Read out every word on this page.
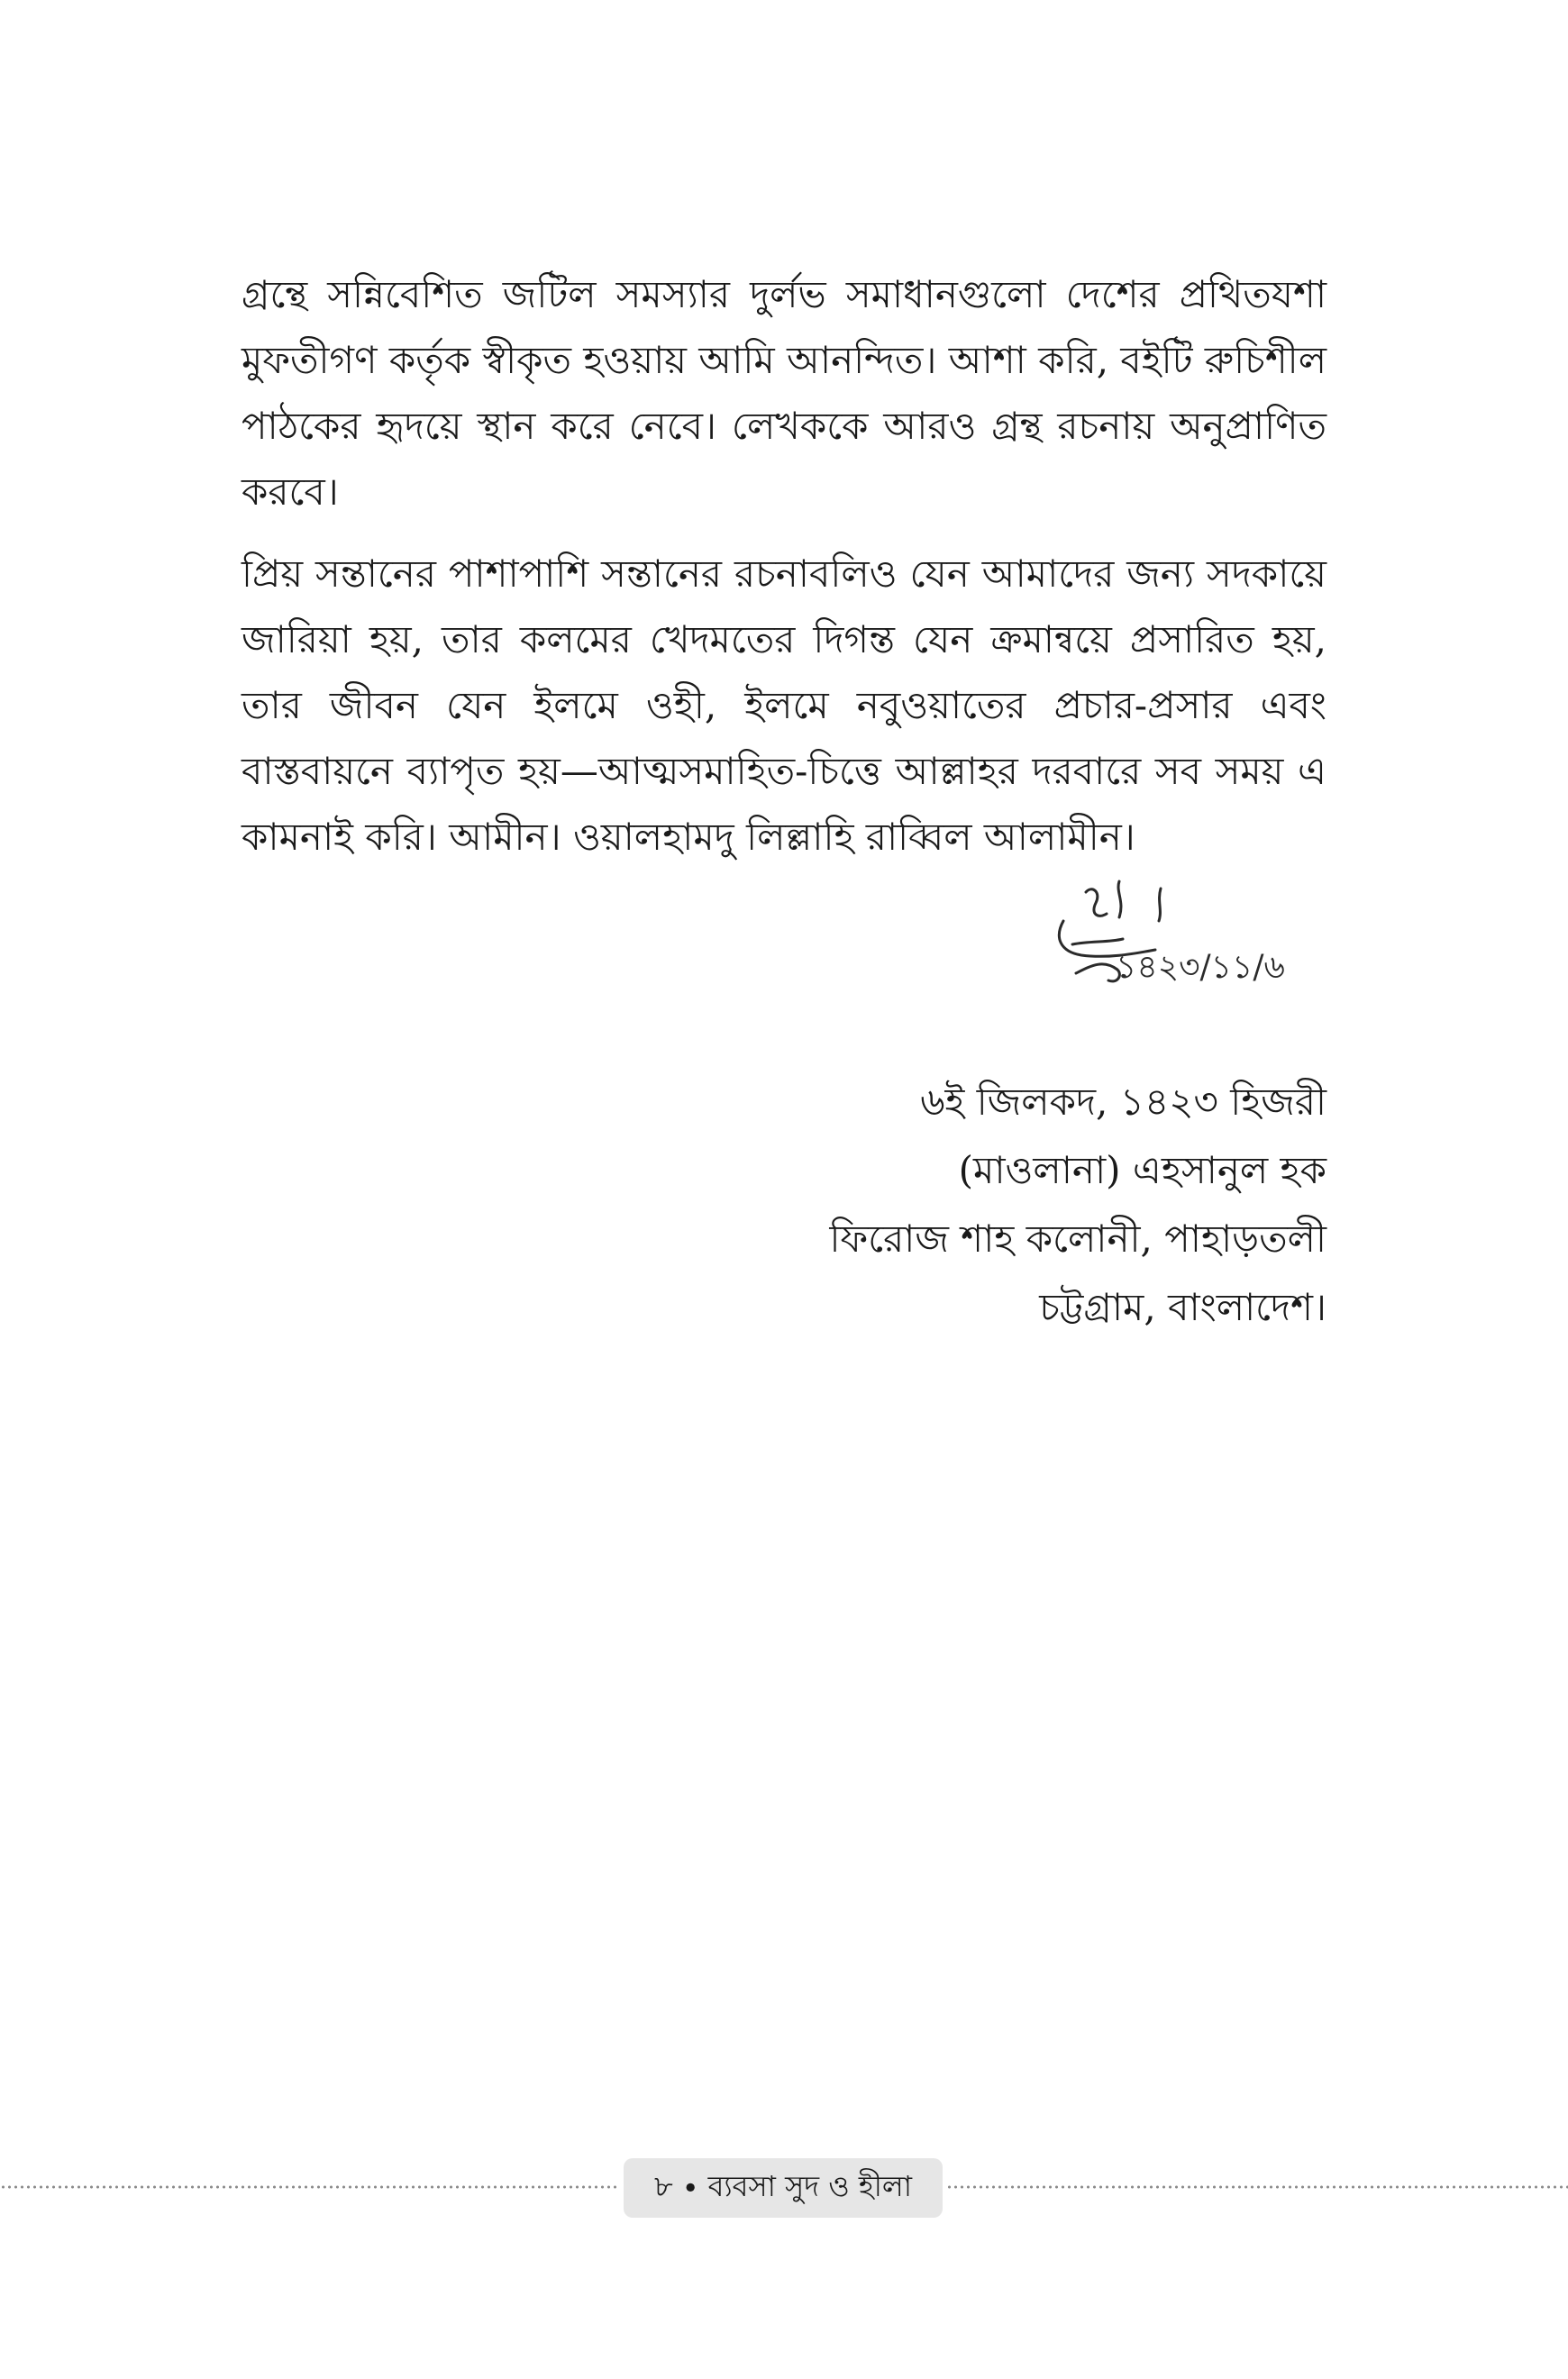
গ্রন্থে সন্নিবেশিত জটিল সমস্যার দুর্লভ সমাধানগুলো দেশের প্রথিতযশা মুফতীগণ কর্তৃক স্বীকৃত হওয়ায় আমি আনন্দিত। আশা করি, বইটি রুচিশীল পাঠকের হৃদয়ে স্থান করে নেবে। লেখককে আরও গ্রন্থ রচনায় অনুপ্রাণিত করবে।

প্রিয় সন্তানের পাশাপাশি সন্তানের রচনাবলিও যেন আমাদের জন্য সদকায়ে জারিয়া হয়, তার কলমের খেদমতের দিগন্ত যেন ক্রমান্বয়ে প্রসারিত হয়, তার জীবন যেন ইলমে ওহী, ইলমে নবুওয়াতের প্রচার-প্রসার এবং বাস্তবায়নে ব্যাপৃত হয়—আত্মসমাহিত-চিত্তে আল্লাহর দরবারে সব সময় এ কামনাই করি। আমীন। ওয়ালহামদু লিল্লাহি রাব্বিল আলামীন।

১৪২৩/১১/৬
৬ই জিলকদ, ১৪২৩ হিজরী
(মাওলানা) এহসানুল হক
ফিরোজ শাহ কলোনী, পাহাড়তলী
চট্টগ্রাম, বাংলাদেশ।
৮ • ব্যবসা সুদ ও হীলা
